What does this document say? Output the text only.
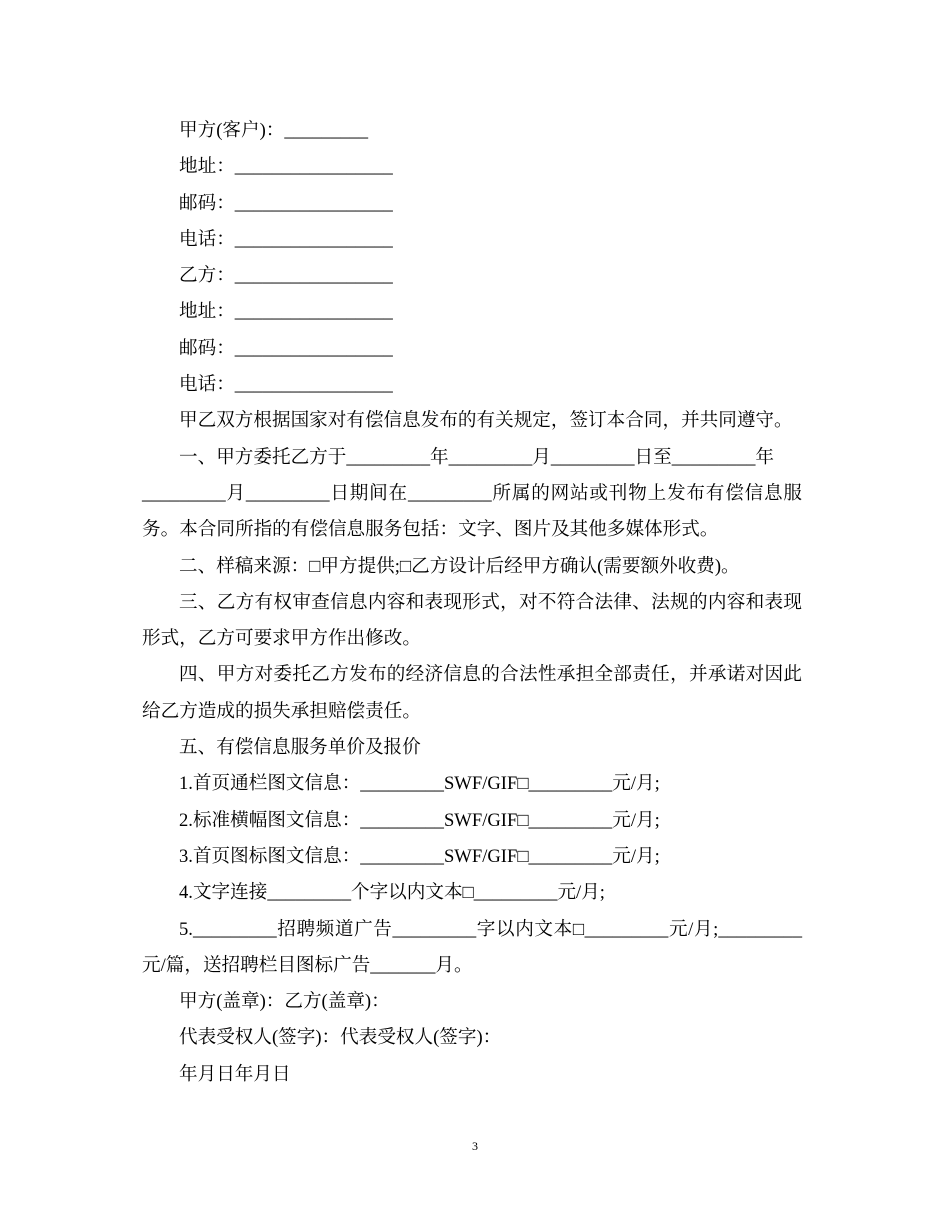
甲方(客户)：_________
地址：_________________
邮码：_________________
电话：_________________
乙方：_________________
地址：_________________
邮码：_________________
电话：_________________
甲乙双方根据国家对有偿信息发布的有关规定，签订本合同，并共同遵守。
一、甲方委托乙方于_________年_________月_________日至_________年
_________月_________日期间在_________所属的网站或刊物上发布有偿信息服
务。本合同所指的有偿信息服务包括：文字、图片及其他多媒体形式。
二、样稿来源：□甲方提供;□乙方设计后经甲方确认(需要额外收费)。
三、乙方有权审查信息内容和表现形式，对不符合法律、法规的内容和表现
形式，乙方可要求甲方作出修改。
四、甲方对委托乙方发布的经济信息的合法性承担全部责任，并承诺对因此
给乙方造成的损失承担赔偿责任。
五、有偿信息服务单价及报价
1.首页通栏图文信息：_________SWF/GIF□_________元/月;
2.标准横幅图文信息：_________SWF/GIF□_________元/月;
3.首页图标图文信息：_________SWF/GIF□_________元/月;
4.文字连接_________个字以内文本□_________元/月;
5._________招聘频道广告_________字以内文本□_________元/月;_________
元/篇，送招聘栏目图标广告_______月。
甲方(盖章)：乙方(盖章)：
代表受权人(签字)：代表受权人(签字)：
年月日年月日
3
